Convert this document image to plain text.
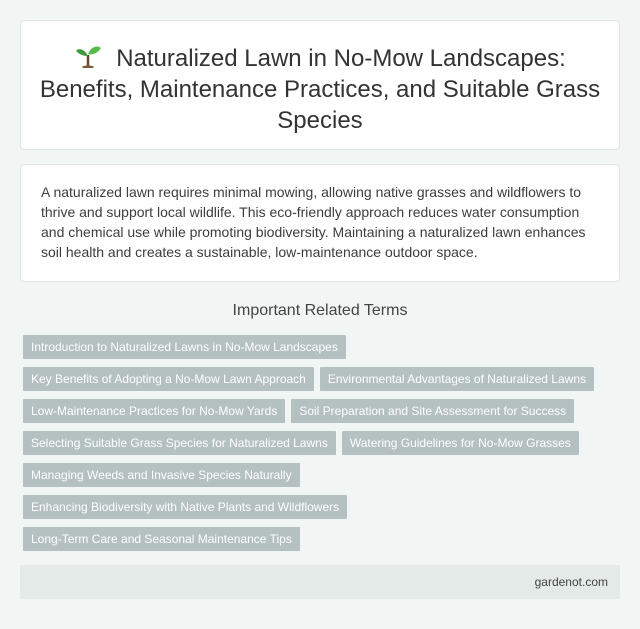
Naturalized Lawn in No-Mow Landscapes: Benefits, Maintenance Practices, and Suitable Grass Species

A naturalized lawn requires minimal mowing, allowing native grasses and wildflowers to thrive and support local wildlife. This eco-friendly approach reduces water consumption and chemical use while promoting biodiversity. Maintaining a naturalized lawn enhances soil health and creates a sustainable, low-maintenance outdoor space.

Important Related Terms
Introduction to Naturalized Lawns in No-Mow Landscapes
Key Benefits of Adopting a No-Mow Lawn Approach	Environmental Advantages of Naturalized Lawns
Low-Maintenance Practices for No-Mow Yards	Soil Preparation and Site Assessment for Success
Selecting Suitable Grass Species for Naturalized Lawns	Watering Guidelines for No-Mow Grasses
Managing Weeds and Invasive Species Naturally
Enhancing Biodiversity with Native Plants and Wildflowers
Long-Term Care and Seasonal Maintenance Tips
gardenot.com
